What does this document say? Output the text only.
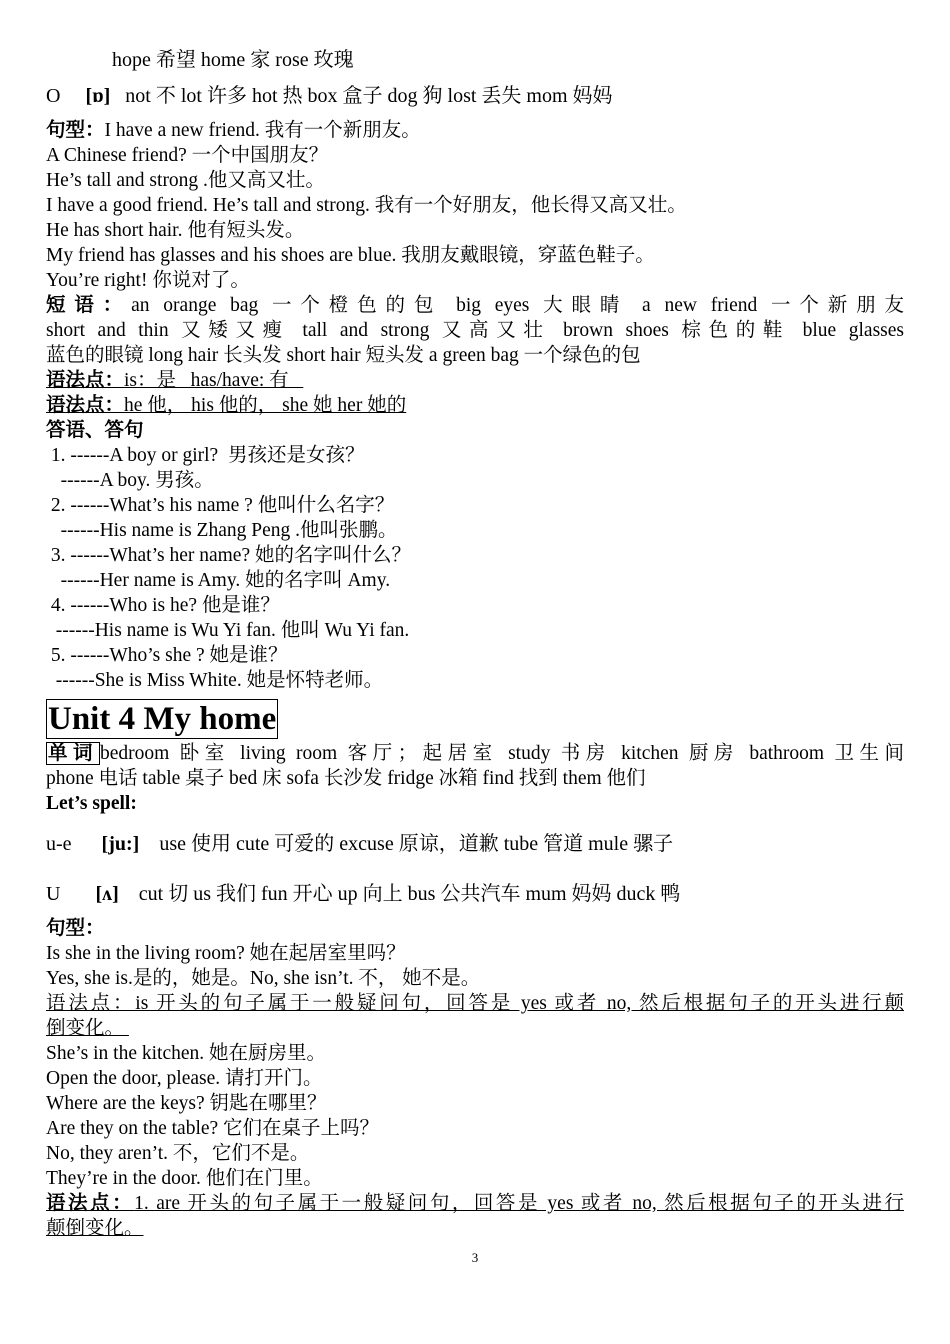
hope 希望 home 家 rose 玫瑰
O [ɒ] not 不 lot 许多 hot 热 box 盒子 dog 狗 lost 丢失 mom 妈妈
句型：I have a new friend. 我有一个新朋友。
A Chinese friend? 一个中国朋友？
He’s tall and strong .他又高又壮。
I have a good friend. He’s tall and strong. 我有一个好朋友，他长得又高又壮。
He has short hair. 他有短头发。
My friend has glasses and his shoes are blue. 我朋友戴眼镜，穿蓝色鞋子。
You’re right! 你说对了。
短语：an orange bag 一个橙色的包 big eyes 大眼睛 a new friend 一个新朋友
short and thin 又矮又瘦 tall and strong 又高又壮 brown shoes 棕色的鞋 blue glasses
蓝色的眼镜 long hair 长头发 short hair 短头发 a green bag 一个绿色的包
语法点：is：是   has/have: 有
语法点：he 他， his 他的， she 她 her 她的
答语、答句
1. ------A boy or girl?  男孩还是女孩？
------A boy. 男孩。
2. ------What’s his name ? 他叫什么名字？
------His name is Zhang Peng .他叫张鹏。
3. ------What’s her name? 她的名字叫什么？
------Her name is Amy. 她的名字叫 Amy.
4. ------Who is he? 他是谁？
------His name is Wu Yi fan. 他叫 Wu Yi fan.
5. ------Who’s she ? 她是谁？
------She is Miss White. 她是怀特老师。
Unit 4 My home
单词 bedroom 卧室 living room 客厅；起居室 study 书房 kitchen 厨房 bathroom 卫生间
phone 电话 table 桌子 bed 床 sofa 长沙发 fridge 冰箱 find 找到 them 他们
Let’s spell:
u-e [ju:] use 使用 cute 可爱的 excuse 原谅，道歉 tube 管道 mule 骡子
U [ʌ] cut 切 us 我们 fun 开心 up 向上 bus 公共汽车 mum 妈妈 duck 鸭
句型：
Is she in the living room? 她在起居室里吗？
Yes, she is.是的，她是。No, she isn’t. 不， 她不是。
语法点：is 开头的句子属于一般疑问句，回答是 yes 或者 no, 然后根据句子的开头进行颠
倒变化。
She’s in the kitchen. 她在厨房里。
Open the door, please. 请打开门。
Where are the keys? 钥匙在哪里？
Are they on the table? 它们在桌子上吗？
No, they aren’t. 不，它们不是。
They’re in the door. 他们在门里。
语法点：1. are 开头的句子属于一般疑问句，回答是 yes 或者 no, 然后根据句子的开头进行
颠倒变化。
3
